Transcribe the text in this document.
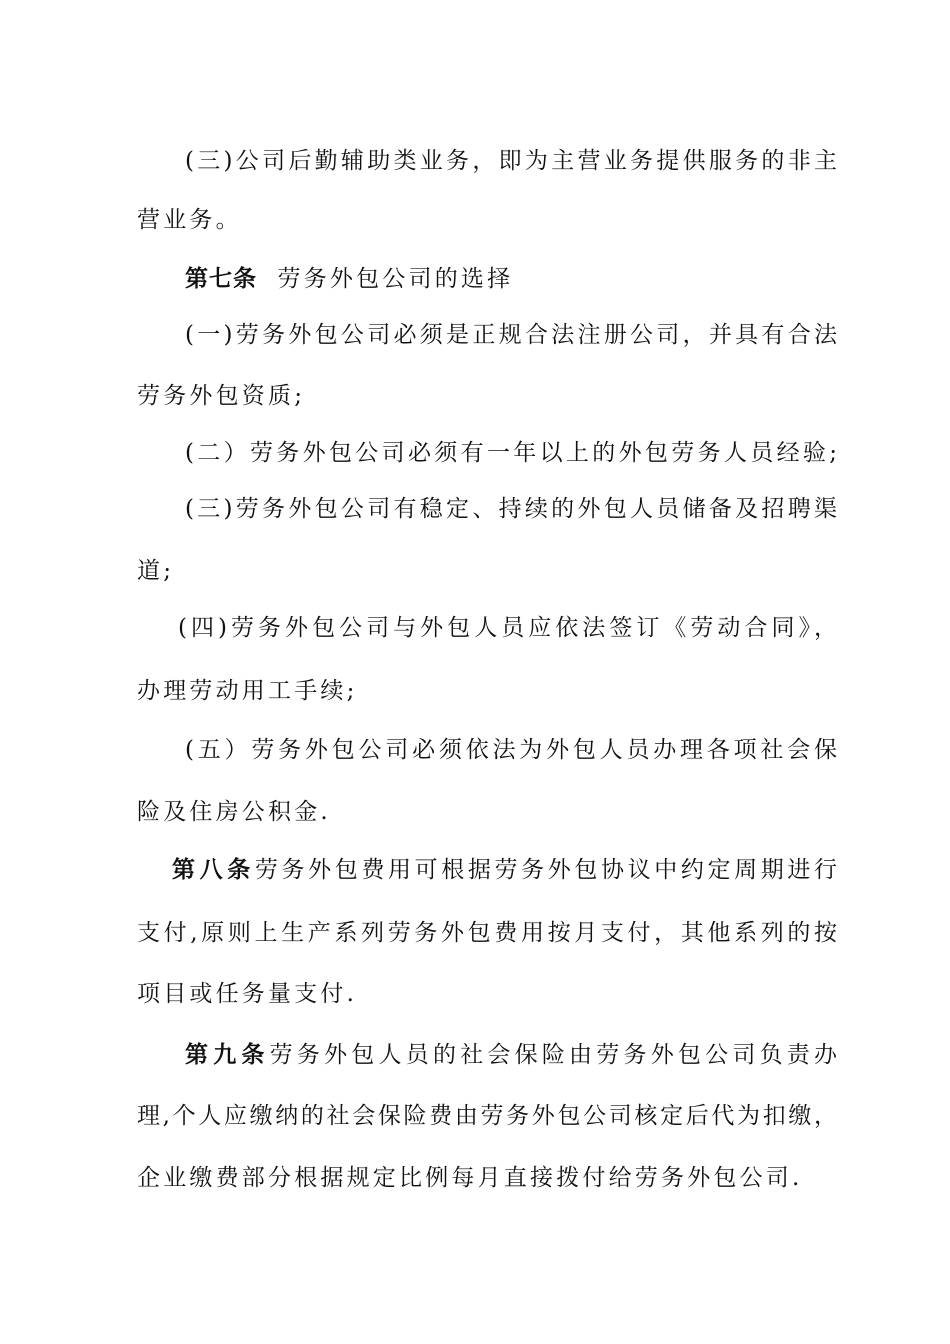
(三)公司后勤辅助类业务，即为主营业务提供服务的非主
营业务。
第七条 劳务外包公司的选择
(一)劳务外包公司必须是正规合法注册公司，并具有合法
劳务外包资质;
(二）劳务外包公司必须有一年以上的外包劳务人员经验;
(三)劳务外包公司有稳定、持续的外包人员储备及招聘渠
道;
(四)劳务外包公司与外包人员应依法签订《劳动合同》，
办理劳动用工手续;
(五）劳务外包公司必须依法为外包人员办理各项社会保
险及住房公积金.
第八条劳务外包费用可根据劳务外包协议中约定周期进行
支付,原则上生产系列劳务外包费用按月支付，其他系列的按
项目或任务量支付.
第九条劳务外包人员的社会保险由劳务外包公司负责办
理,个人应缴纳的社会保险费由劳务外包公司核定后代为扣缴，
企业缴费部分根据规定比例每月直接拨付给劳务外包公司.
